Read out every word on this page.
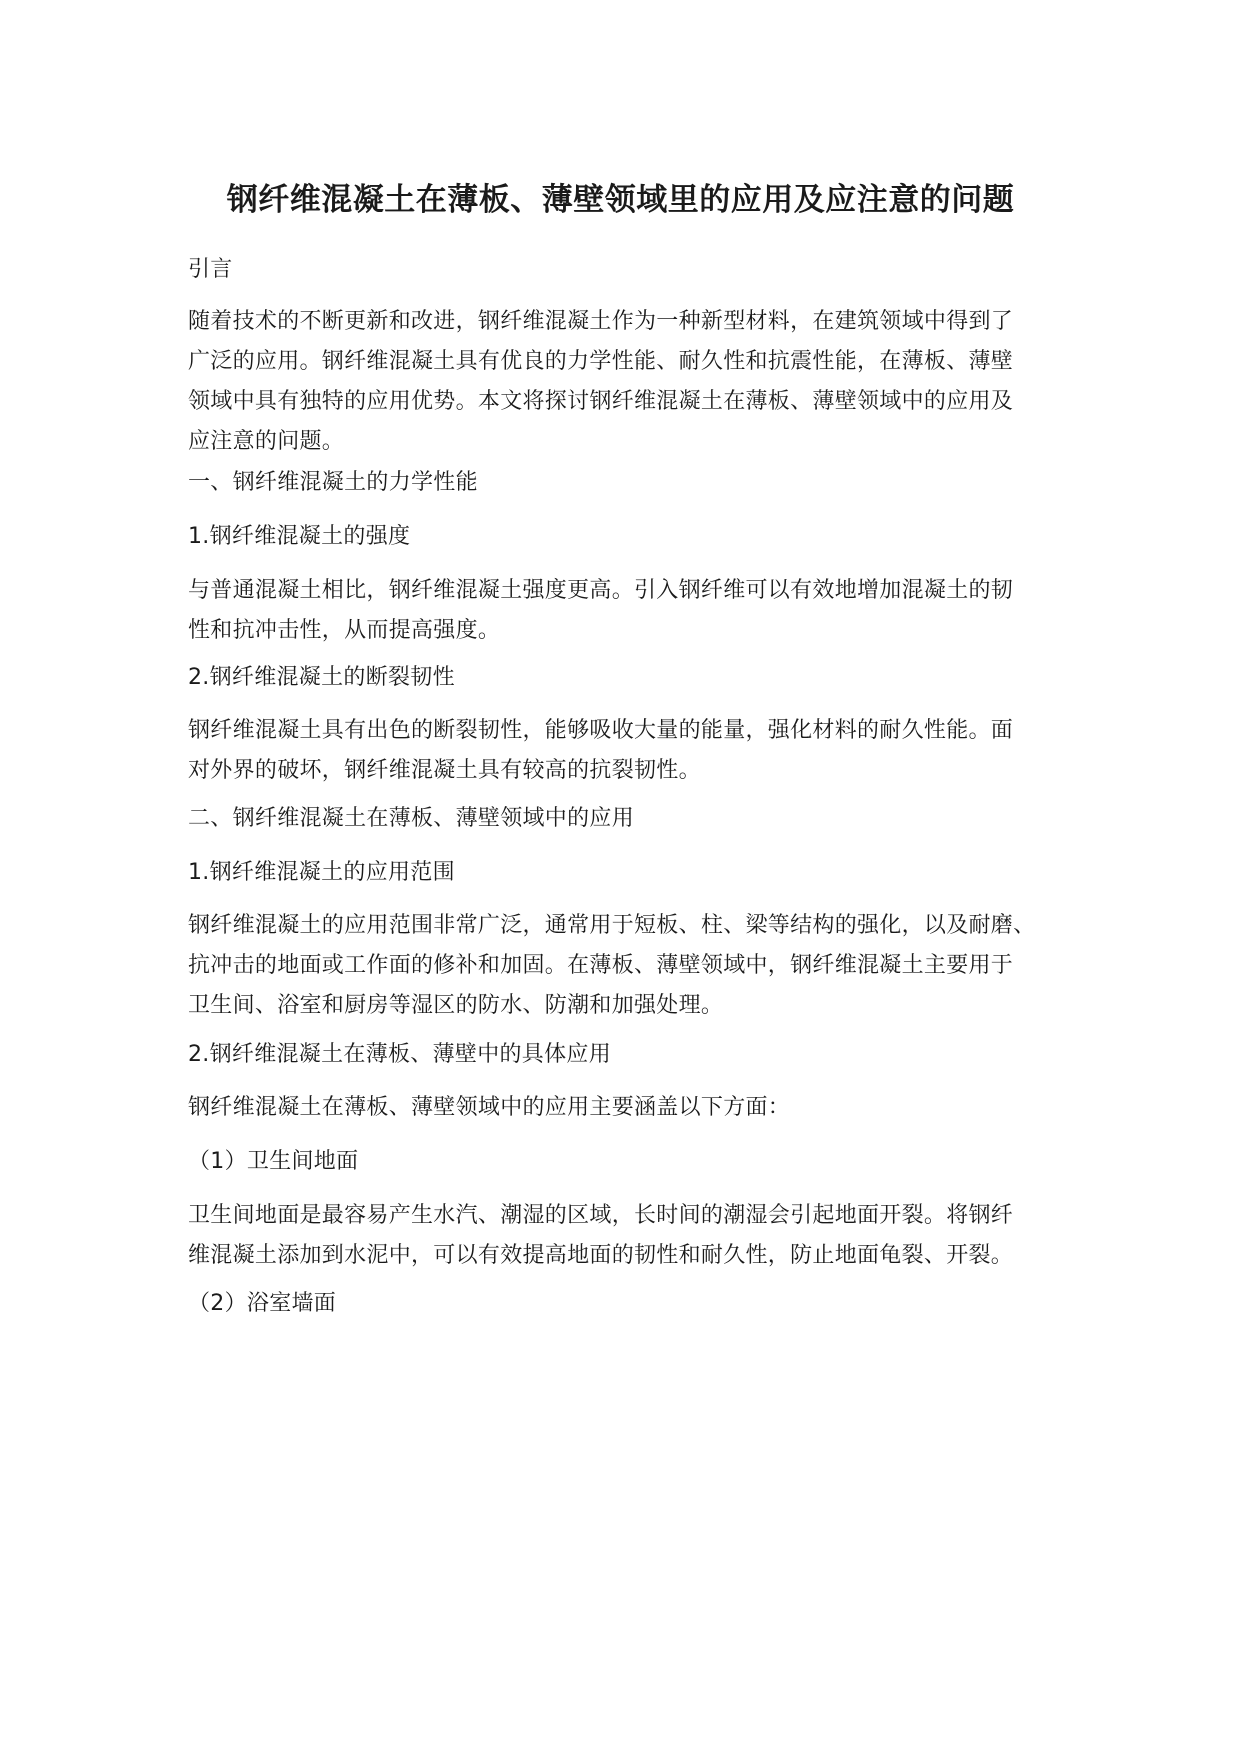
钢纤维混凝土在薄板、薄壁领域里的应用及应注意的问题
引言
随着技术的不断更新和改进，钢纤维混凝土作为一种新型材料，在建筑领域中得到了
广泛的应用。钢纤维混凝土具有优良的力学性能、耐久性和抗震性能，在薄板、薄壁
领域中具有独特的应用优势。本文将探讨钢纤维混凝土在薄板、薄壁领域中的应用及
应注意的问题。
一、钢纤维混凝土的力学性能
1.钢纤维混凝土的强度
与普通混凝土相比，钢纤维混凝土强度更高。引入钢纤维可以有效地增加混凝土的韧
性和抗冲击性，从而提高强度。
2.钢纤维混凝土的断裂韧性
钢纤维混凝土具有出色的断裂韧性，能够吸收大量的能量，强化材料的耐久性能。面
对外界的破坏，钢纤维混凝土具有较高的抗裂韧性。
二、钢纤维混凝土在薄板、薄壁领域中的应用
1.钢纤维混凝土的应用范围
钢纤维混凝土的应用范围非常广泛，通常用于短板、柱、梁等结构的强化，以及耐磨、
抗冲击的地面或工作面的修补和加固。在薄板、薄壁领域中，钢纤维混凝土主要用于
卫生间、浴室和厨房等湿区的防水、防潮和加强处理。
2.钢纤维混凝土在薄板、薄壁中的具体应用
钢纤维混凝土在薄板、薄壁领域中的应用主要涵盖以下方面：
（1）卫生间地面
卫生间地面是最容易产生水汽、潮湿的区域，长时间的潮湿会引起地面开裂。将钢纤
维混凝土添加到水泥中，可以有效提高地面的韧性和耐久性，防止地面龟裂、开裂。
（2）浴室墙面
